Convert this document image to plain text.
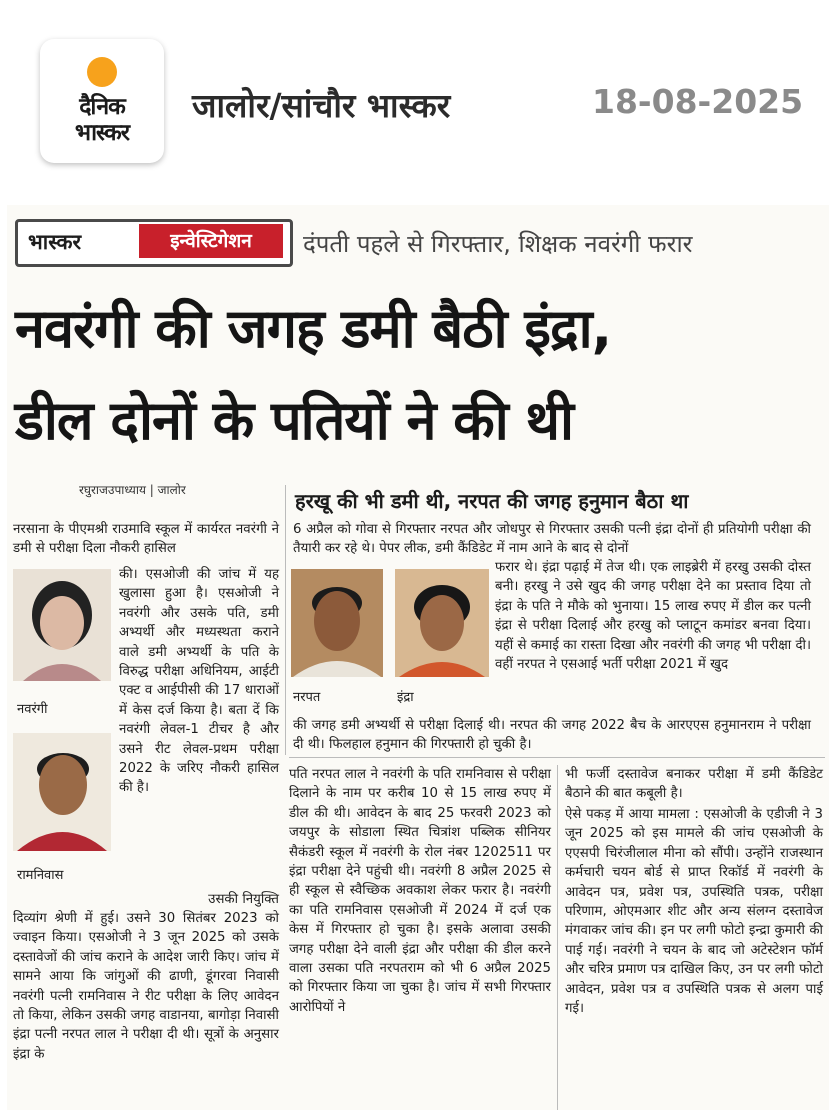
दैनिक
भास्कर
जालोर/सांचौर भास्कर	18-08-2025
भास्कर	इन्वेस्टिगेशन	दंपती पहले से गिरफ्तार, शिक्षक नवरंगी फरार
नवरंगी की जगह डमी बैठी इंद्रा,
डील दोनों के पतियों ने की थी
रघुराजउपाध्याय | जालोर	हरखू की भी डमी थी, नरपत की जगह हनुमान बैठा था
नरसाना के पीएमश्री राउमावि स्कूल में कार्यरत नवरंगी ने डमी से परीक्षा दिला नौकरी हासिल
नवरंगी
की। एसओजी की जांच में यह खुलासा हुआ है। एसओजी ने नवरंगी और उसके पति, डमी अभ्यर्थी और मध्यस्थता कराने वाले डमी अभ्यर्थी के पति के विरुद्ध परीक्षा अधिनियम, आईटी एक्ट व आईपीसी की 17 धाराओं में केस दर्ज किया है। बता दें कि नवरंगी लेवल-1 टीचर है और उसने रीट लेवल-प्रथम परीक्षा 2022 के जरिए नौकरी हासिल की है।
उसकी नियुक्ति
रामनिवास
दिव्यांग श्रेणी में हुई। उसने 30 सितंबर 2023 को ज्वाइन किया। एसओजी ने 3 जून 2025 को उसके दस्तावेजों की जांच कराने के आदेश जारी किए। जांच में सामने आया कि जांगुओं की ढाणी, डूंगरवा निवासी नवरंगी पत्नी रामनिवास ने रीट परीक्षा के लिए आवेदन तो किया, लेकिन उसकी जगह वाडानया, बागोड़ा निवासी इंद्रा पत्नी नरपत लाल ने परीक्षा दी थी। सूत्रों के अनुसार इंद्रा के
6 अप्रैल को गोवा से गिरफ्तार नरपत और जोधपुर से गिरफ्तार उसकी पत्नी इंद्रा दोनों ही प्रतियोगी परीक्षा की तैयारी कर रहे थे। पेपर लीक, डमी कैंडिडेट में नाम आने के बाद से दोनों
नरपत	इंद्रा
फरार थे। इंद्रा पढ़ाई में तेज थी। एक लाइब्रेरी में हरखु उसकी दोस्त बनी। हरखु ने उसे खुद की जगह परीक्षा देने का प्रस्ताव दिया तो इंद्रा के पति ने मौके को भुनाया। 15 लाख रुपए में डील कर पत्नी इंद्रा से परीक्षा दिलाई और हरखु को प्लाटून कमांडर बनवा दिया। यहीं से कमाई का रास्ता दिखा और नवरंगी की जगह भी परीक्षा दी। वहीं नरपत ने एसआई भर्ती परीक्षा 2021 में खुद
की जगह डमी अभ्यर्थी से परीक्षा दिलाई थी। नरपत की जगह 2022 बैच के आरएएस हनुमानराम ने परीक्षा दी थी। फिलहाल हनुमान की गिरफ्तारी हो चुकी है।
पति नरपत लाल ने नवरंगी के पति रामनिवास से परीक्षा दिलाने के नाम पर करीब 10 से 15 लाख रुपए में डील की थी। आवेदन के बाद 25 फरवरी 2023 को जयपुर के सोडाला स्थित चित्रांश पब्लिक सीनियर सैकंडरी स्कूल में नवरंगी के रोल नंबर 1202511 पर इंद्रा परीक्षा देने पहुंची थी। नवरंगी 8 अप्रैल 2025 से ही स्कूल से स्वैच्छिक अवकाश लेकर फरार है। नवरंगी का पति रामनिवास एसओजी में 2024 में दर्ज एक केस में गिरफ्तार हो चुका है। इसके अलावा उसकी जगह परीक्षा देने वाली इंद्रा और परीक्षा की डील करने वाला उसका पति नरपतराम को भी 6 अप्रैल 2025 को गिरफ्तार किया जा चुका है। जांच में सभी गिरफ्तार आरोपियों ने
भी फर्जी दस्तावेज बनाकर परीक्षा में डमी कैंडिडेट बैठाने की बात कबूली है।
ऐसे पकड़ में आया मामला : एसओजी के एडीजी ने 3 जून 2025 को इस मामले की जांच एसओजी के एएसपी चिरंजीलाल मीना को सौंपी। उन्होंने राजस्थान कर्मचारी चयन बोर्ड से प्राप्त रिकॉर्ड में नवरंगी के आवेदन पत्र, प्रवेश पत्र, उपस्थिति पत्रक, परीक्षा परिणाम, ओएमआर शीट और अन्य संलग्न दस्तावेज मंगवाकर जांच की। इन पर लगी फोटो इन्द्रा कुमारी की पाई गई। नवरंगी ने चयन के बाद जो अटेस्टेशन फॉर्म और चरित्र प्रमाण पत्र दाखिल किए, उन पर लगी फोटो आवेदन, प्रवेश पत्र व उपस्थिति पत्रक से अलग पाई गई।
